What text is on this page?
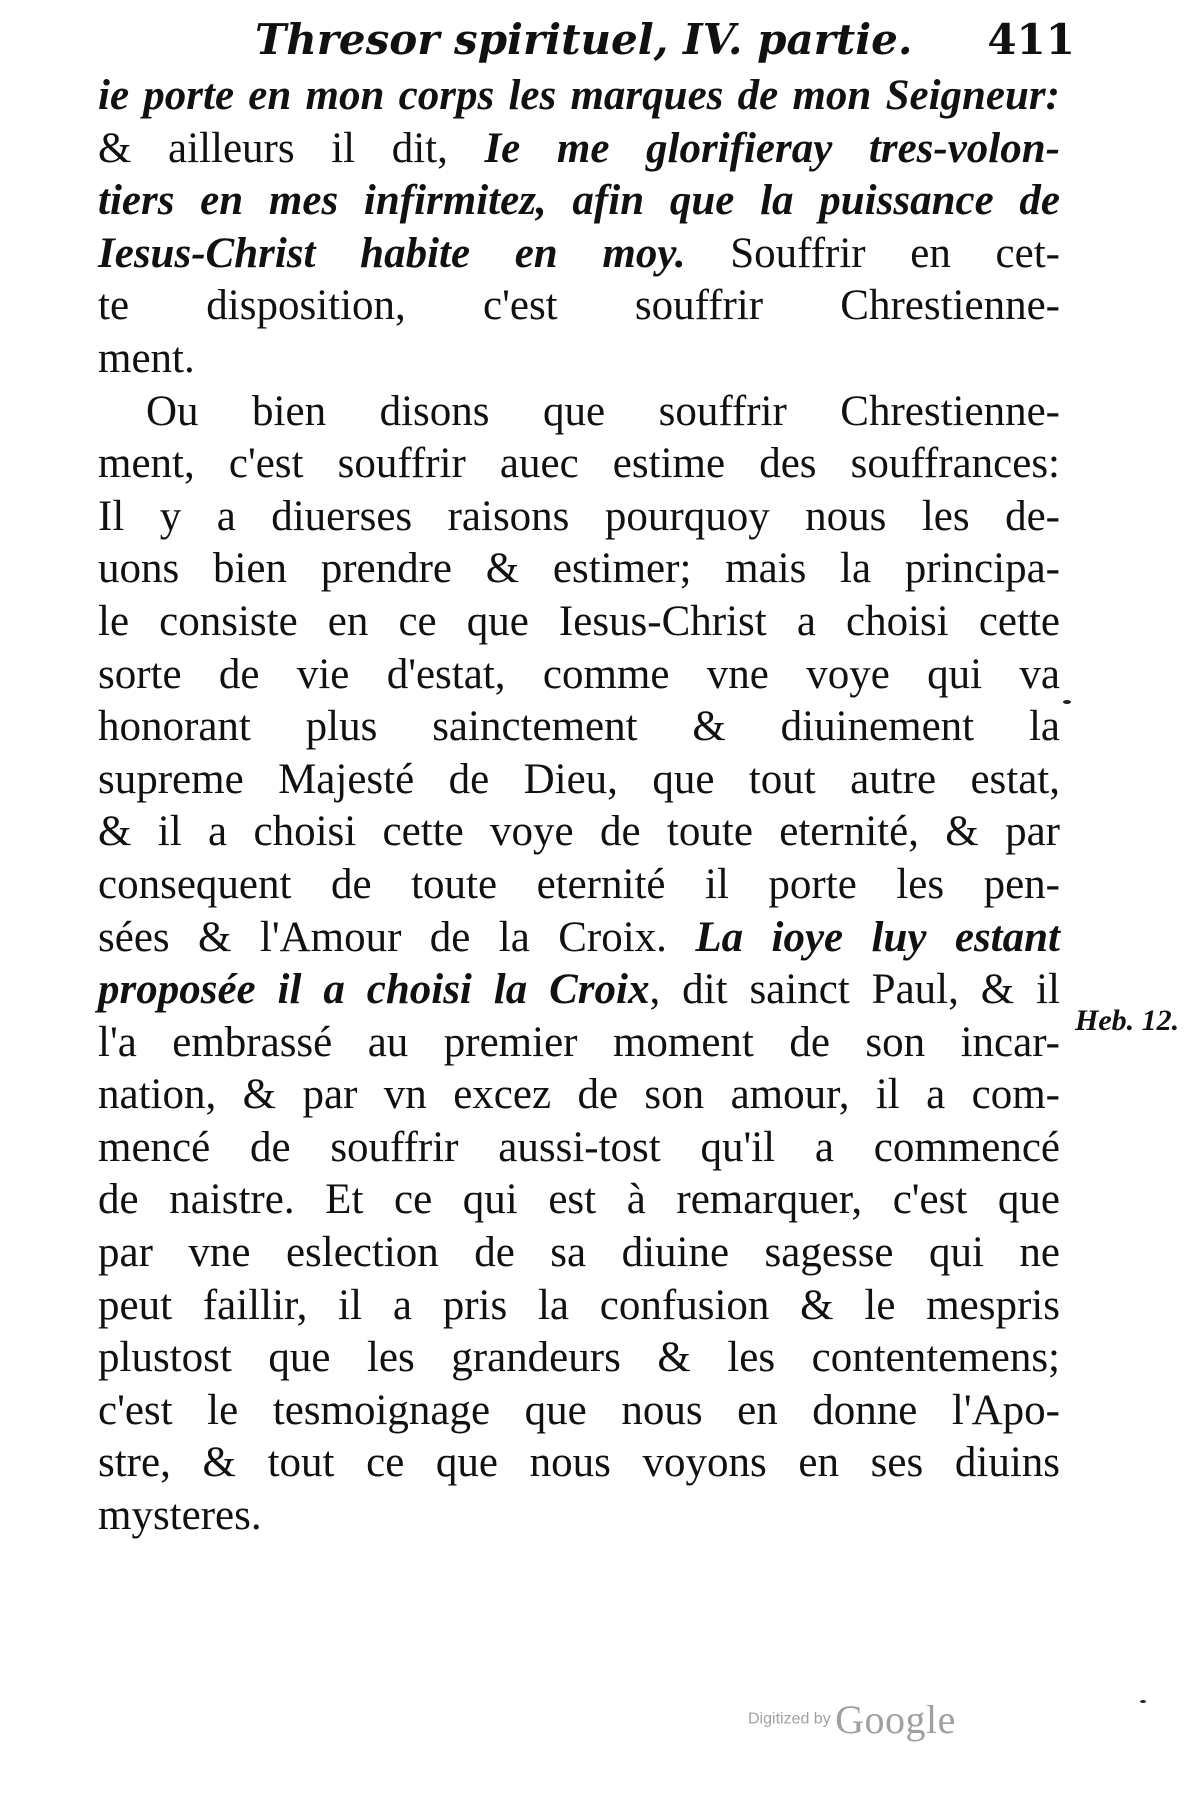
Thresor spirituel, IV. partie. 411
ie porte en mon corps les marques de mon Seigneur:
& ailleurs il dit, Ie me glorifieray tres-volon-
tiers en mes infirmitez, afin que la puissance de
Iesus-Christ habite en moy. Souffrir en cet-
te disposition, c'est souffrir Chrestienne-
ment.
Ou bien disons que souffrir Chrestienne-
ment, c'est souffrir auec estime des souffrances:
Il y a diuerses raisons pourquoy nous les de-
uons bien prendre & estimer; mais la principa-
le consiste en ce que Iesus-Christ a choisi cette
sorte de vie d'estat, comme vne voye qui va
honorant plus sainctement & diuinement la
supreme Majesté de Dieu, que tout autre estat,
& il a choisi cette voye de toute eternité, & par
consequent de toute eternité il porte les pen-
sées & l'Amour de la Croix. La ioye luy estant
proposée il a choisi la Croix, dit sainct Paul, & il
l'a embrassé au premier moment de son incar-
nation, & par vn excez de son amour, il a com-
mencé de souffrir aussi-tost qu'il a commencé
de naistre. Et ce qui est à remarquer, c'est que
par vne eslection de sa diuine sagesse qui ne
peut faillir, il a pris la confusion & le mespris
plustost que les grandeurs & les contentemens;
c'est le tesmoignage que nous en donne l'Apo-
stre, & tout ce que nous voyons en ses diuins
mysteres.
Heb. 12.
Digitized by Google
